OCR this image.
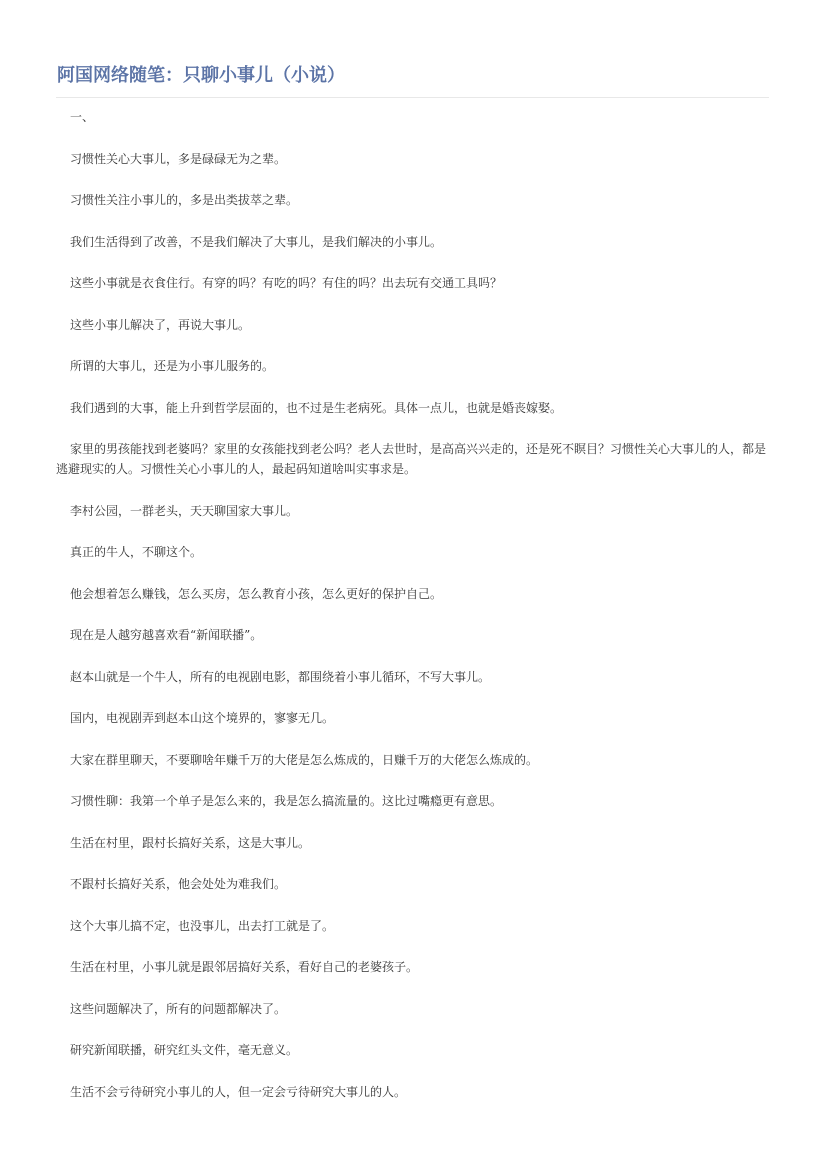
阿国网络随笔：只聊小事儿（小说）

一、

习惯性关心大事儿，多是碌碌无为之辈。

习惯性关注小事儿的，多是出类拔萃之辈。

我们生活得到了改善，不是我们解决了大事儿，是我们解决的小事儿。

这些小事就是衣食住行。有穿的吗？有吃的吗？有住的吗？出去玩有交通工具吗？

这些小事儿解决了，再说大事儿。

所谓的大事儿，还是为小事儿服务的。

我们遇到的大事，能上升到哲学层面的，也不过是生老病死。具体一点儿，也就是婚丧嫁娶。

家里的男孩能找到老婆吗？家里的女孩能找到老公吗？老人去世时，是高高兴兴走的，还是死不瞑目？习惯性关心大事儿的人，都是逃避现实的人。习惯性关心小事儿的人，最起码知道啥叫实事求是。

李村公园，一群老头，天天聊国家大事儿。

真正的牛人，不聊这个。

他会想着怎么赚钱，怎么买房，怎么教育小孩，怎么更好的保护自己。

现在是人越穷越喜欢看“新闻联播”。

赵本山就是一个牛人，所有的电视剧电影，都围绕着小事儿循环，不写大事儿。

国内，电视剧弄到赵本山这个境界的，寥寥无几。

大家在群里聊天，不要聊啥年赚千万的大佬是怎么炼成的，日赚千万的大佬怎么炼成的。

习惯性聊：我第一个单子是怎么来的，我是怎么搞流量的。这比过嘴瘾更有意思。

生活在村里，跟村长搞好关系，这是大事儿。

不跟村长搞好关系，他会处处为难我们。

这个大事儿搞不定，也没事儿，出去打工就是了。

生活在村里，小事儿就是跟邻居搞好关系，看好自己的老婆孩子。

这些问题解决了，所有的问题都解决了。

研究新闻联播，研究红头文件，毫无意义。

生活不会亏待研究小事儿的人，但一定会亏待研究大事儿的人。
